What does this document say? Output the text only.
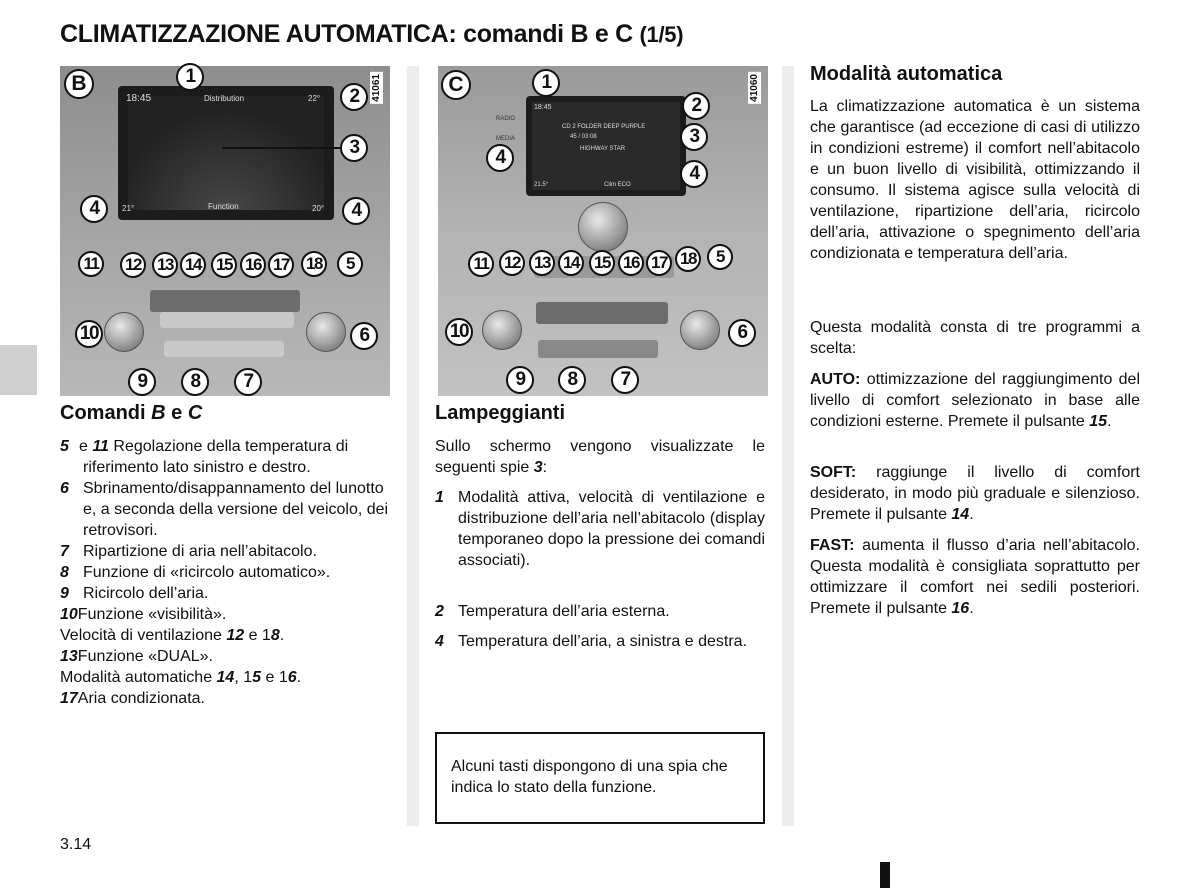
CLIMATIZZAZIONE AUTOMATICA: comandi B e C (1/5)
18:45	Distribution	22°
21°	Function	20°
41061
B	1
2
3
4	4
11	12 13 14 15 16 17 18	5
10	6
9	8	7
18:45
CD 2 FOLDER DEEP PURPLE
45 / 03:08
HIGHWAY STAR
Clim ECO
21.5°
RADIO
MEDIA
41060
C	1
2
3
4
4
11 12 13 14 15 16 17 18	5
10	6
9	8	7
Comandi B e C
5 e 11 Regolazione della temperatura di riferimento lato sinistro e destro.
6 Sbrinamento/disappannamento del lunotto e, a seconda della versione del veicolo, dei retrovisori.
7 Ripartizione di aria nell’abitacolo.
8 Funzione di «ricircolo automatico».
9 Ricircolo dell’aria.
10Funzione «visibilità».
Velocità di ventilazione 12 e 18.
13Funzione «DUAL».
Modalità automatiche 14, 15 e 16.
17Aria condizionata.
Lampeggianti
Sullo schermo vengono visualizzate le seguenti spie 3:
1 Modalità attiva, velocità di ventilazione e distribuzione dell’aria nell’abitacolo (display temporaneo dopo la pressione dei comandi associati).
2 Temperatura dell’aria esterna.
4 Temperatura dell’aria, a sinistra e destra.
Alcuni tasti dispongono di una spia che indica lo stato della funzione.
Modalità automatica
La climatizzazione automatica è un sistema che garantisce (ad eccezione di casi di utilizzo in condizioni estreme) il comfort nell’abitacolo e un buon livello di visibilità, ottimizzando il consumo. Il sistema agisce sulla velocità di ventilazione, ripartizione dell’aria, ricircolo dell’aria, attivazione o spegnimento dell’aria condizionata e temperatura dell’aria.
Questa modalità consta di tre programmi a scelta:
AUTO: ottimizzazione del raggiungimento del livello di comfort selezionato in base alle condizioni esterne. Premete il pulsante 15.
SOFT: raggiunge il livello di comfort desiderato, in modo più graduale e silenzioso. Premete il pulsante 14.
FAST: aumenta il flusso d’aria nell’abitacolo. Questa modalità è consigliata soprattutto per ottimizzare il comfort nei sedili posteriori. Premete il pulsante 16.
3.14
